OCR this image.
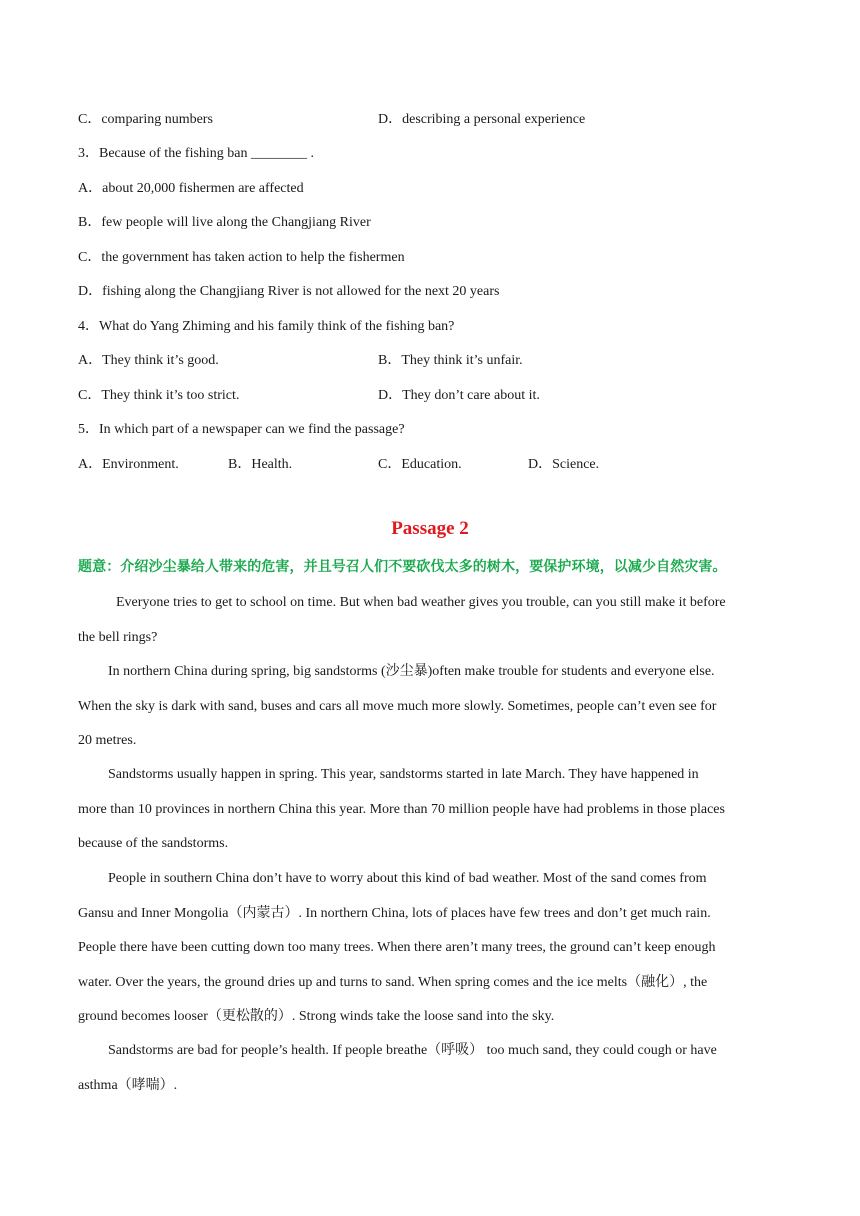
C．comparing numbers	D．describing a personal experience
3．Because of the fishing ban ________ .
A．about 20,000 fishermen are affected
B．few people will live along the Changjiang River
C．the government has taken action to help the fishermen
D．fishing along the Changjiang River is not allowed for the next 20 years
4．What do Yang Zhiming and his family think of the fishing ban?
A．They think it’s good.	B．They think it’s unfair.
C．They think it’s too strict.	D．They don’t care about it.
5．In which part of a newspaper can we find the passage?
A．Environment.	B．Health.	C．Education.	D．Science.
Passage 2
题意：介绍沙尘暴给人带来的危害，并且号召人们不要砍伐太多的树木，要保护环境，以减少自然灾害。
Everyone tries to get to school on time. But when bad weather gives you trouble, can you still make it before
the bell rings?
In northern China during spring, big sandstorms (沙尘暴)often make trouble for students and everyone else.
When the sky is dark with sand, buses and cars all move much more slowly. Sometimes, people can’t even see for
20 metres.
Sandstorms usually happen in spring. This year, sandstorms started in late March. They have happened in
more than 10 provinces in northern China this year. More than 70 million people have had problems in those places
because of the sandstorms.
People in southern China don’t have to worry about this kind of bad weather. Most of the sand comes from
Gansu and Inner Mongolia（内蒙古）. In northern China, lots of places have few trees and don’t get much rain.
People there have been cutting down too many trees. When there aren’t many trees, the ground can’t keep enough
water. Over the years, the ground dries up and turns to sand. When spring comes and the ice melts（融化）, the
ground becomes looser（更松散的）. Strong winds take the loose sand into the sky.
Sandstorms are bad for people’s health. If people breathe（呼吸） too much sand, they could cough or have
asthma（哮喘）.
